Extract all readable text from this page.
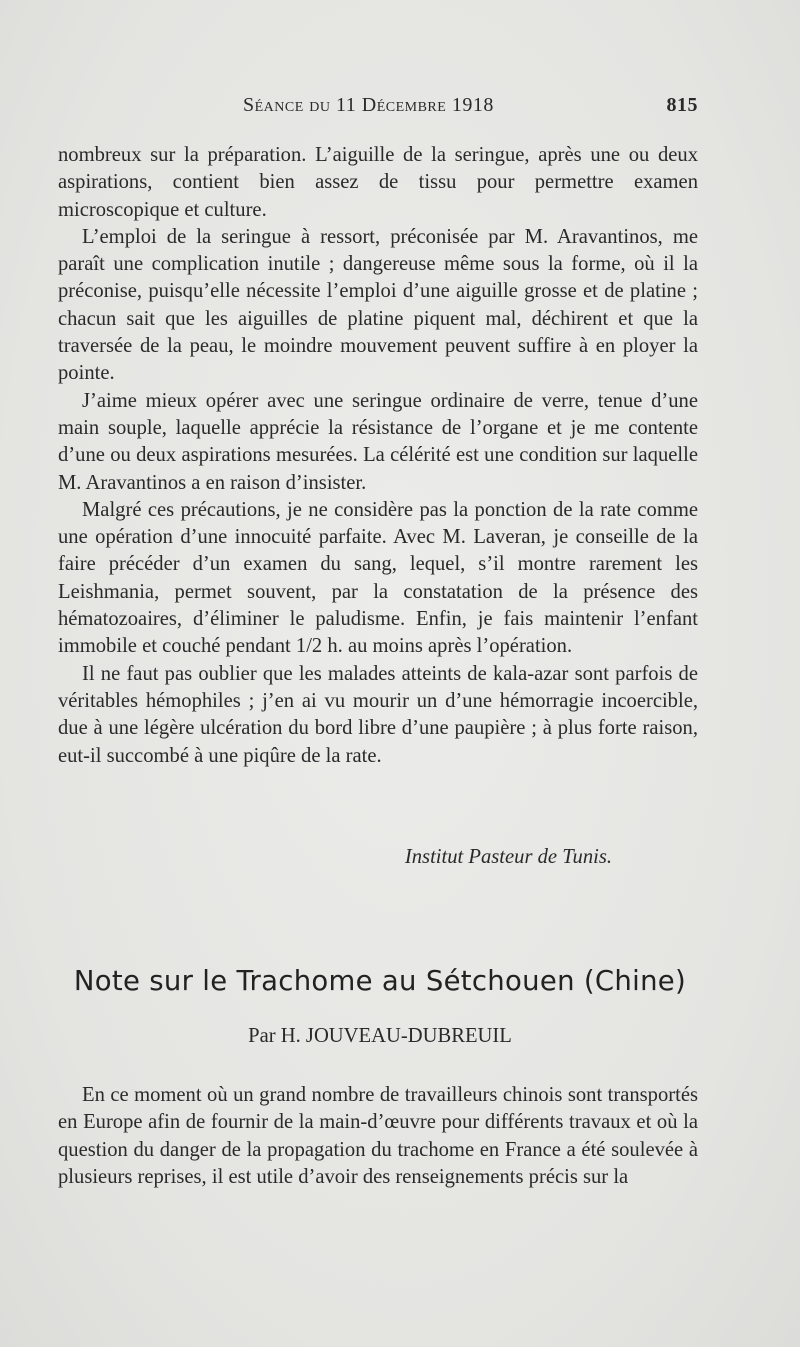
Séance du 11 Décembre 1918	815

nombreux sur la préparation. L’aiguille de la seringue, après une ou deux aspirations, contient bien assez de tissu pour permettre examen microscopique et culture.

L’emploi de la seringue à ressort, préconisée par M. Aravantinos, me paraît une complication inutile ; dangereuse même sous la forme, où il la préconise, puisqu’elle nécessite l’emploi d’une aiguille grosse et de platine ; chacun sait que les aiguilles de platine piquent mal, déchirent et que la traversée de la peau, le moindre mouvement peuvent suffire à en ployer la pointe.

J’aime mieux opérer avec une seringue ordinaire de verre, tenue d’une main souple, laquelle apprécie la résistance de l’organe et je me contente d’une ou deux aspirations mesurées. La célérité est une condition sur laquelle M. Aravantinos a en raison d’insister.

Malgré ces précautions, je ne considère pas la ponction de la rate comme une opération d’une innocuité parfaite. Avec M. Laveran, je conseille de la faire précéder d’un examen du sang, lequel, s’il montre rarement les Leishmania, permet souvent, par la constatation de la présence des hématozoaires, d’éliminer le paludisme. Enfin, je fais maintenir l’enfant immobile et couché pendant 1/2 h. au moins après l’opération.

Il ne faut pas oublier que les malades atteints de kala-azar sont parfois de véritables hémophiles ; j’en ai vu mourir un d’une hémorragie incoercible, due à une légère ulcération du bord libre d’une paupière ; à plus forte raison, eut-il succombé à une piqûre de la rate.

Institut Pasteur de Tunis.
Note sur le Trachome au Sétchouen (Chine)
Par H. JOUVEAU-DUBREUIL

En ce moment où un grand nombre de travailleurs chinois sont transportés en Europe afin de fournir de la main-d’œuvre pour différents travaux et où la question du danger de la propagation du trachome en France a été soulevée à plusieurs reprises, il est utile d’avoir des renseignements précis sur la
